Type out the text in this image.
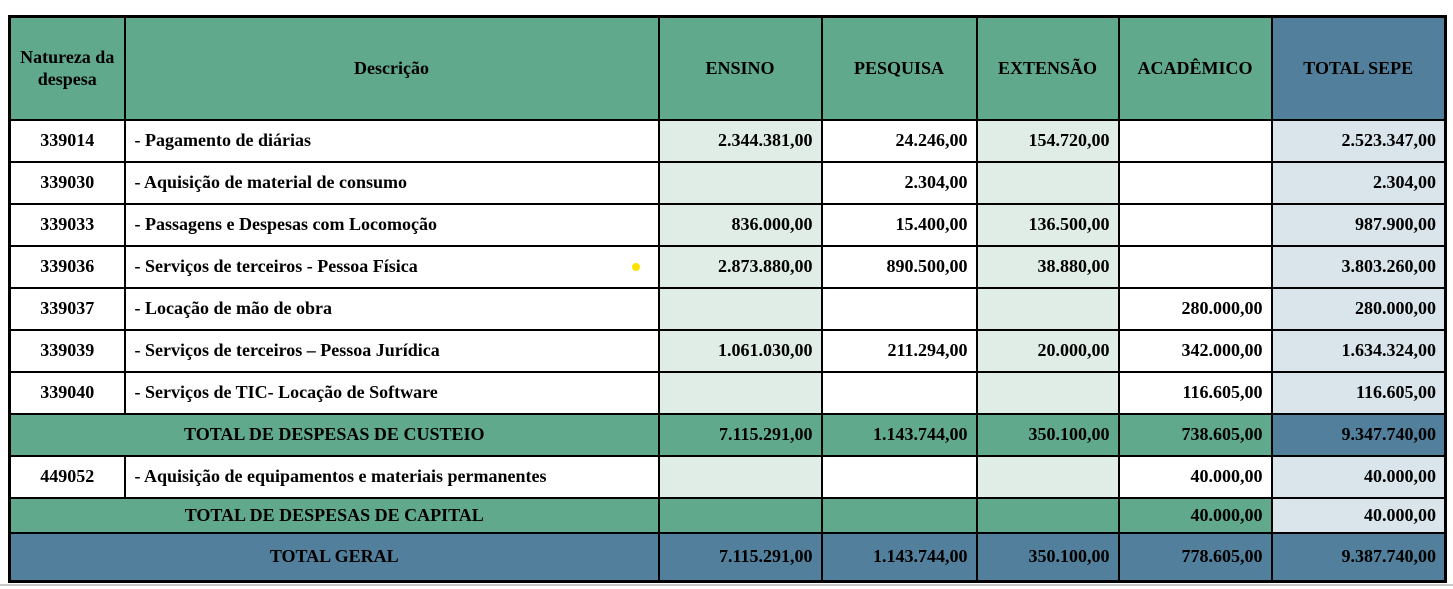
Natureza da despesa	Descrição	ENSINO	PESQUISA	EXTENSÃO	ACADÊMICO	TOTAL SEPE
339014	- Pagamento de diárias	2.344.381,00	24.246,00	154.720,00		2.523.347,00
339030	- Aquisição de material de consumo		2.304,00			2.304,00
339033	- Passagens e Despesas com Locomoção	836.000,00	15.400,00	136.500,00		987.900,00
339036	- Serviços de terceiros - Pessoa Física	2.873.880,00	890.500,00	38.880,00		3.803.260,00
339037	- Locação de mão de obra				280.000,00	280.000,00
339039	- Serviços de terceiros – Pessoa Jurídica	1.061.030,00	211.294,00	20.000,00	342.000,00	1.634.324,00
339040	- Serviços de TIC- Locação de Software				116.605,00	116.605,00
TOTAL DE DESPESAS DE CUSTEIO		7.115.291,00	1.143.744,00	350.100,00	738.605,00	9.347.740,00
449052	- Aquisição de equipamentos e materiais permanentes				40.000,00	40.000,00
TOTAL DE DESPESAS DE CAPITAL					40.000,00	40.000,00
TOTAL GERAL		7.115.291,00	1.143.744,00	350.100,00	778.605,00	9.387.740,00
